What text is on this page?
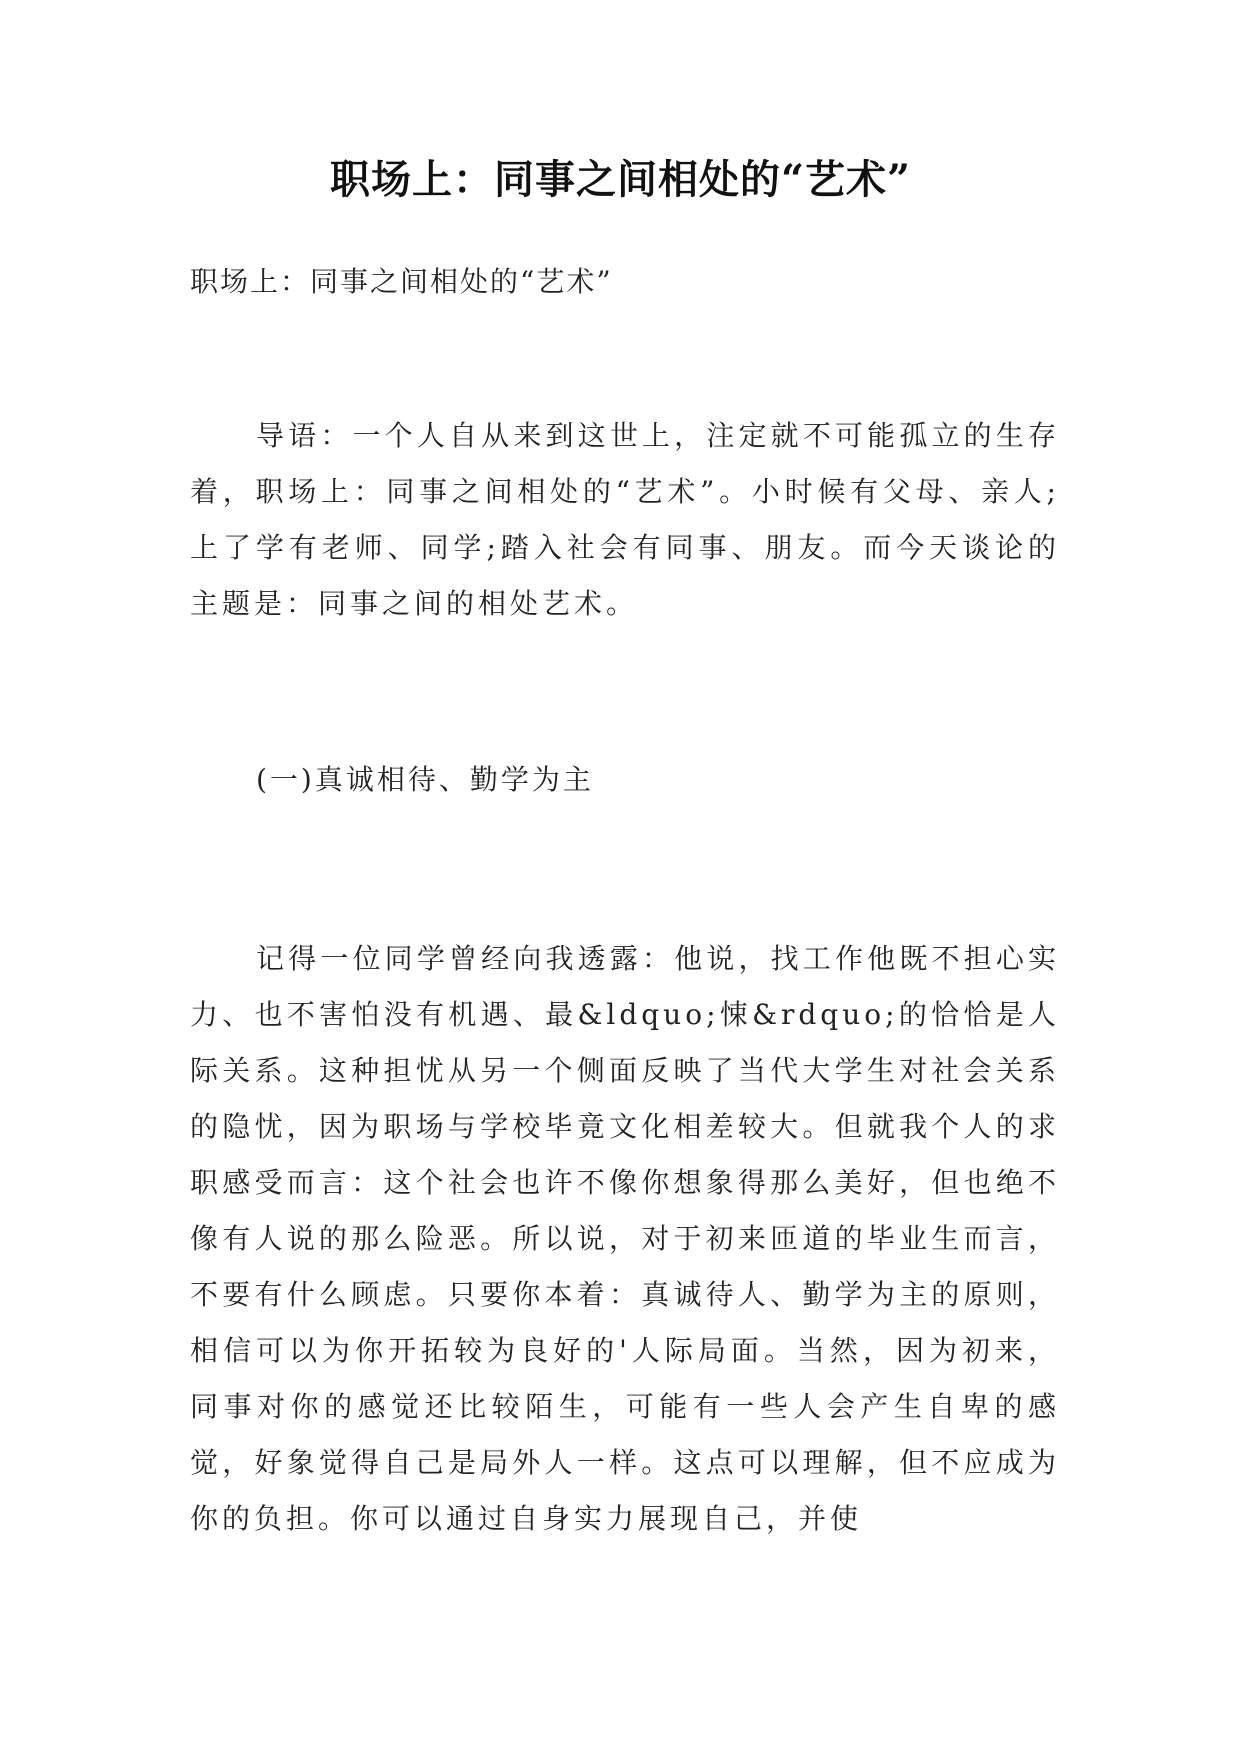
职场上：同事之间相处的“艺术”
职场上：同事之间相处的“艺术”

导语：一个人自从来到这世上，注定就不可能孤立的生存着，职场上：同事之间相处的“艺术”。小时候有父母、亲人;上了学有老师、同学;踏入社会有同事、朋友。而今天谈论的主题是：同事之间的相处艺术。

(一)真诚相待、勤学为主

记得一位同学曾经向我透露：他说，找工作他既不担心实力、也不害怕没有机遇、最&ldquo;悚&rdquo;的恰恰是人际关系。这种担忧从另一个侧面反映了当代大学生对社会关系的隐忧，因为职场与学校毕竟文化相差较大。但就我个人的求职感受而言：这个社会也许不像你想象得那么美好，但也绝不像有人说的那么险恶。所以说，对于初来匝道的毕业生而言，不要有什么顾虑。只要你本着：真诚待人、勤学为主的原则，相信可以为你开拓较为良好的'人际局面。当然，因为初来，同事对你的感觉还比较陌生，可能有一些人会产生自卑的感觉，好象觉得自己是局外人一样。这点可以理解，但不应成为你的负担。你可以通过自身实力展现自己，并使
